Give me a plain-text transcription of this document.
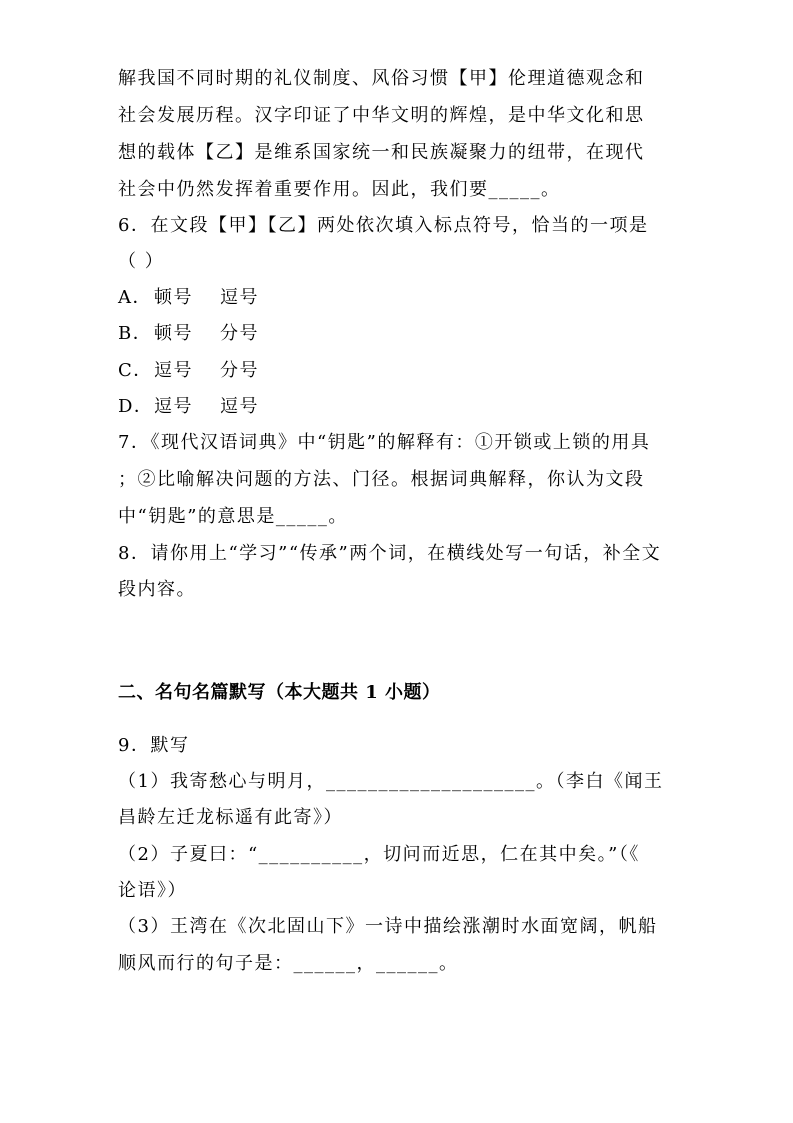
解我国不同时期的礼仪制度、风俗习惯【甲】伦理道德观念和
社会发展历程。汉字印证了中华文明的辉煌，是中华文化和思
想的载体【乙】是维系国家统一和民族凝聚力的纽带，在现代
社会中仍然发挥着重要作用。因此，我们要_____。
6．在文段【甲】【乙】两处依次填入标点符号，恰当的一项是
（ ）
A． 顿号 逗号
B．顿号 分号
C．逗号 分号
D．逗号 逗号
7．《现代汉语词典》中“钥匙”的解释有：①开锁或上锁的用具
；②比喻解决问题的方法、门径。根据词典解释，你认为文段
中“钥匙”的意思是_____。
8．请你用上“学习”“传承”两个词，在横线处写一句话，补全文
段内容。
二、名句名篇默写（本大题共 1 小题）
9．默写
（1）我寄愁心与明月，____________________。（李白《闻王
昌龄左迁龙标遥有此寄》）
（2）子夏曰：“__________，切问而近思，仁在其中矣。”（《
论语》）
（3）王湾在《次北固山下》一诗中描绘涨潮时水面宽阔，帆船
顺风而行的句子是：______，______。
